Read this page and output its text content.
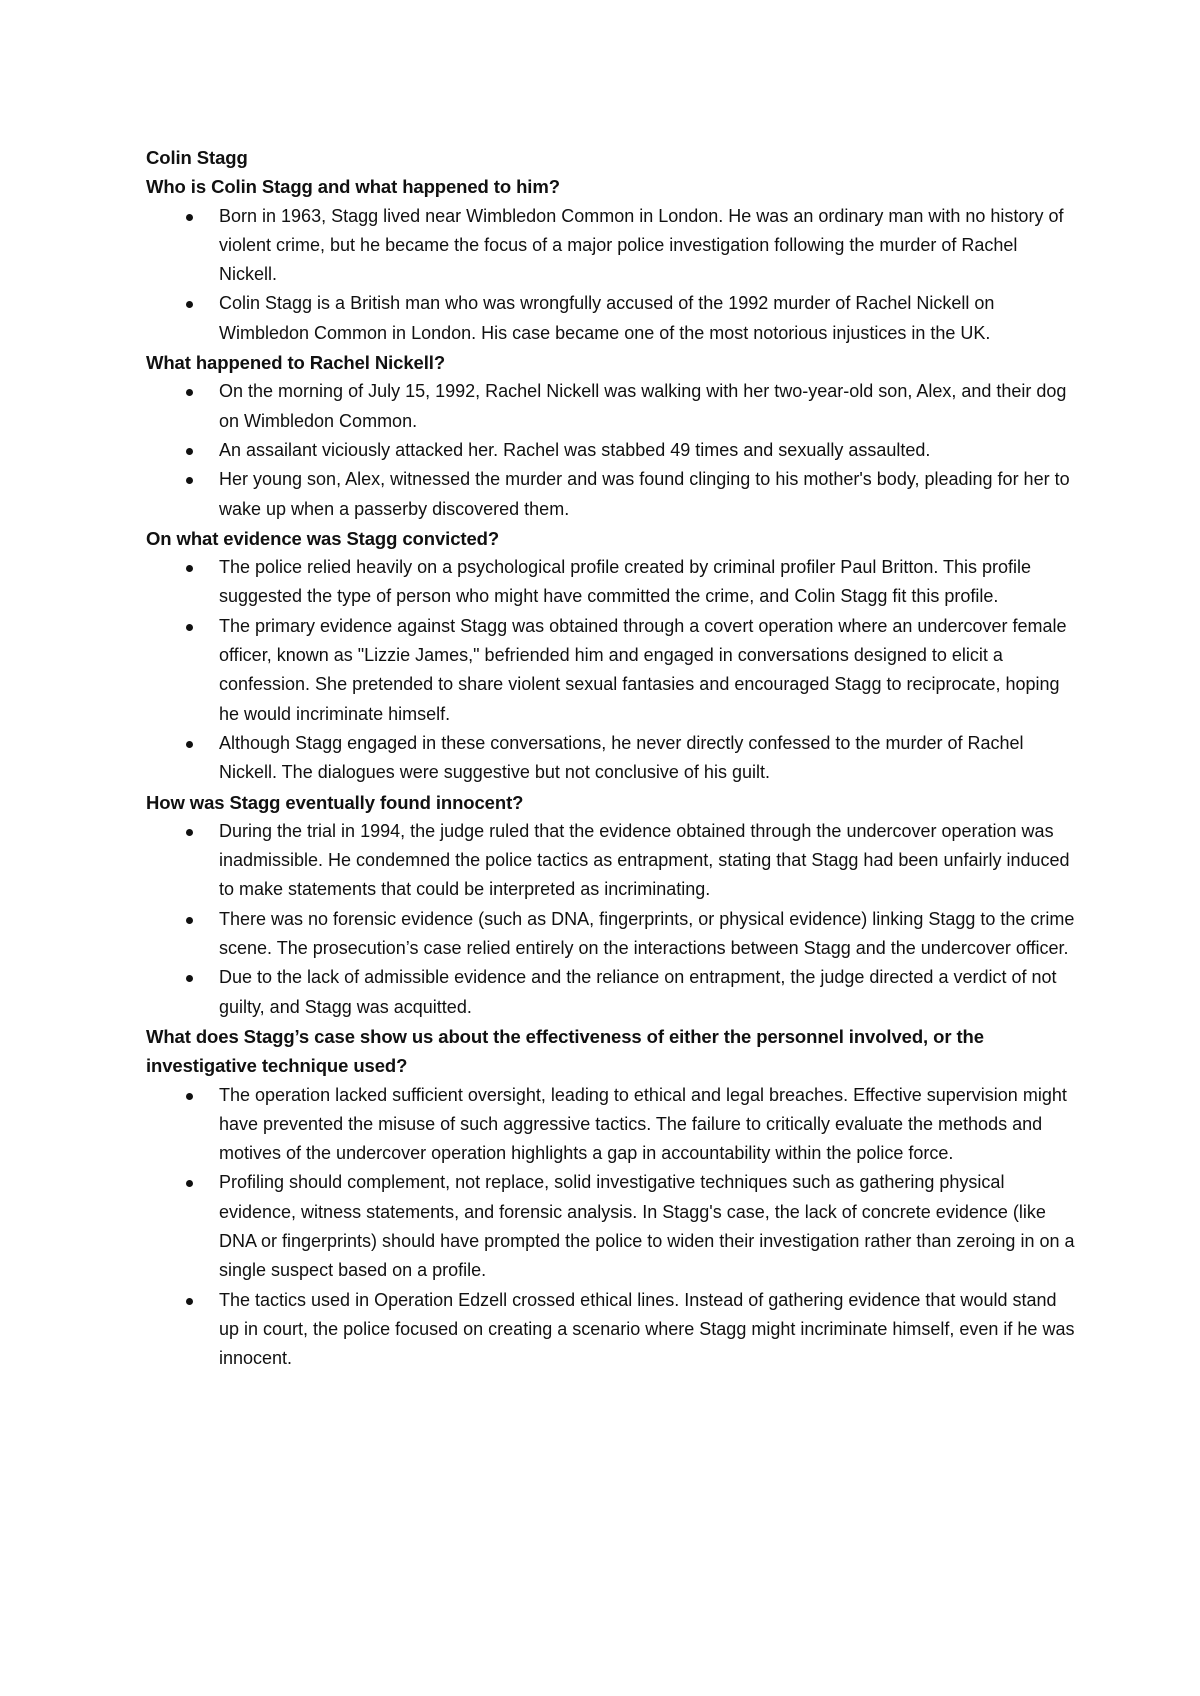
Colin Stagg
Who is Colin Stagg and what happened to him?
Born in 1963, Stagg lived near Wimbledon Common in London. He was an ordinary man with no history of violent crime, but he became the focus of a major police investigation following the murder of Rachel Nickell.
Colin Stagg is a British man who was wrongfully accused of the 1992 murder of Rachel Nickell on Wimbledon Common in London. His case became one of the most notorious injustices in the UK.
What happened to Rachel Nickell?
On the morning of July 15, 1992, Rachel Nickell was walking with her two-year-old son, Alex, and their dog on Wimbledon Common.
An assailant viciously attacked her. Rachel was stabbed 49 times and sexually assaulted.
Her young son, Alex, witnessed the murder and was found clinging to his mother's body, pleading for her to wake up when a passerby discovered them.
On what evidence was Stagg convicted?
The police relied heavily on a psychological profile created by criminal profiler Paul Britton. This profile suggested the type of person who might have committed the crime, and Colin Stagg fit this profile.
The primary evidence against Stagg was obtained through a covert operation where an undercover female officer, known as "Lizzie James," befriended him and engaged in conversations designed to elicit a confession. She pretended to share violent sexual fantasies and encouraged Stagg to reciprocate, hoping he would incriminate himself.
Although Stagg engaged in these conversations, he never directly confessed to the murder of Rachel Nickell. The dialogues were suggestive but not conclusive of his guilt.
How was Stagg eventually found innocent?
During the trial in 1994, the judge ruled that the evidence obtained through the undercover operation was inadmissible. He condemned the police tactics as entrapment, stating that Stagg had been unfairly induced to make statements that could be interpreted as incriminating.
There was no forensic evidence (such as DNA, fingerprints, or physical evidence) linking Stagg to the crime scene. The prosecution’s case relied entirely on the interactions between Stagg and the undercover officer.
Due to the lack of admissible evidence and the reliance on entrapment, the judge directed a verdict of not guilty, and Stagg was acquitted.
What does Stagg’s case show us about the effectiveness of either the personnel involved, or the investigative technique used?
The operation lacked sufficient oversight, leading to ethical and legal breaches. Effective supervision might have prevented the misuse of such aggressive tactics. The failure to critically evaluate the methods and motives of the undercover operation highlights a gap in accountability within the police force.
Profiling should complement, not replace, solid investigative techniques such as gathering physical evidence, witness statements, and forensic analysis. In Stagg's case, the lack of concrete evidence (like DNA or fingerprints) should have prompted the police to widen their investigation rather than zeroing in on a single suspect based on a profile.
The tactics used in Operation Edzell crossed ethical lines. Instead of gathering evidence that would stand up in court, the police focused on creating a scenario where Stagg might incriminate himself, even if he was innocent.
